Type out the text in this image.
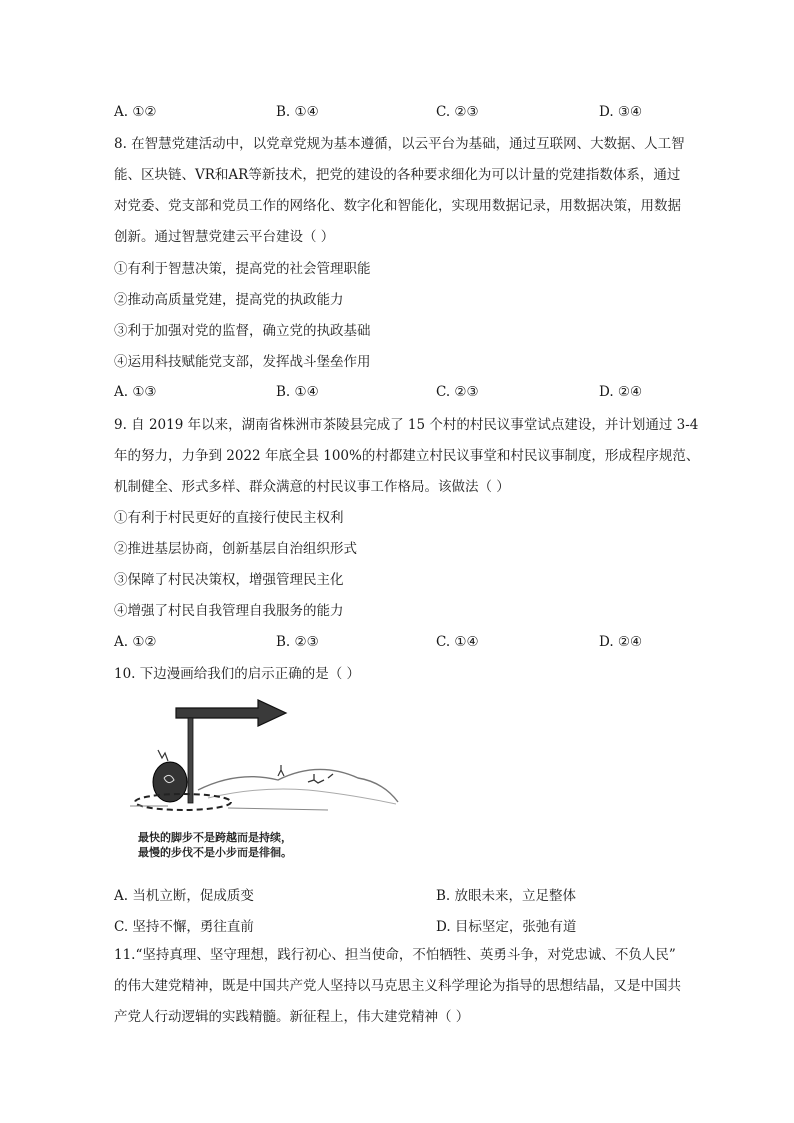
A. ①②	B. ①④	C. ②③	D. ③④
8. 在智慧党建活动中，以党章党规为基本遵循，以云平台为基础，通过互联网、大数据、人工智
能、区块链、VR和AR等新技术，把党的建设的各种要求细化为可以计量的党建指数体系，通过
对党委、党支部和党员工作的网络化、数字化和智能化，实现用数据记录，用数据决策，用数据
创新。通过智慧党建云平台建设（ ）
①有利于智慧决策，提高党的社会管理职能
②推动高质量党建，提高党的执政能力
③利于加强对党的监督，确立党的执政基础
④运用科技赋能党支部，发挥战斗堡垒作用
A. ①③	B. ①④	C. ②③	D. ②④
9. 自 2019 年以来，湖南省株洲市茶陵县完成了 15 个村的村民议事堂试点建设，并计划通过 3-4
年的努力，力争到 2022 年底全县 100%的村都建立村民议事堂和村民议事制度，形成程序规范、
机制健全、形式多样、群众满意的村民议事工作格局。该做法（ ）
①有利于村民更好的直接行使民主权利
②推进基层协商，创新基层自治组织形式
③保障了村民决策权，增强管理民主化
④增强了村民自我管理自我服务的能力
A. ①②	B. ②③	C. ①④	D. ②④
10. 下边漫画给我们的启示正确的是（ ）
最快的脚步不是跨越而是持续，
最慢的步伐不是小步而是徘徊。
A. 当机立断，促成质变	B. 放眼未来，立足整体
C. 坚持不懈，勇往直前	D. 目标坚定，张弛有道
11.“坚持真理、坚守理想，践行初心、担当使命，不怕牺牲、英勇斗争，对党忠诚、不负人民”
的伟大建党精神，既是中国共产党人坚持以马克思主义科学理论为指导的思想结晶，又是中国共
产党人行动逻辑的实践精髓。新征程上，伟大建党精神（ ）
